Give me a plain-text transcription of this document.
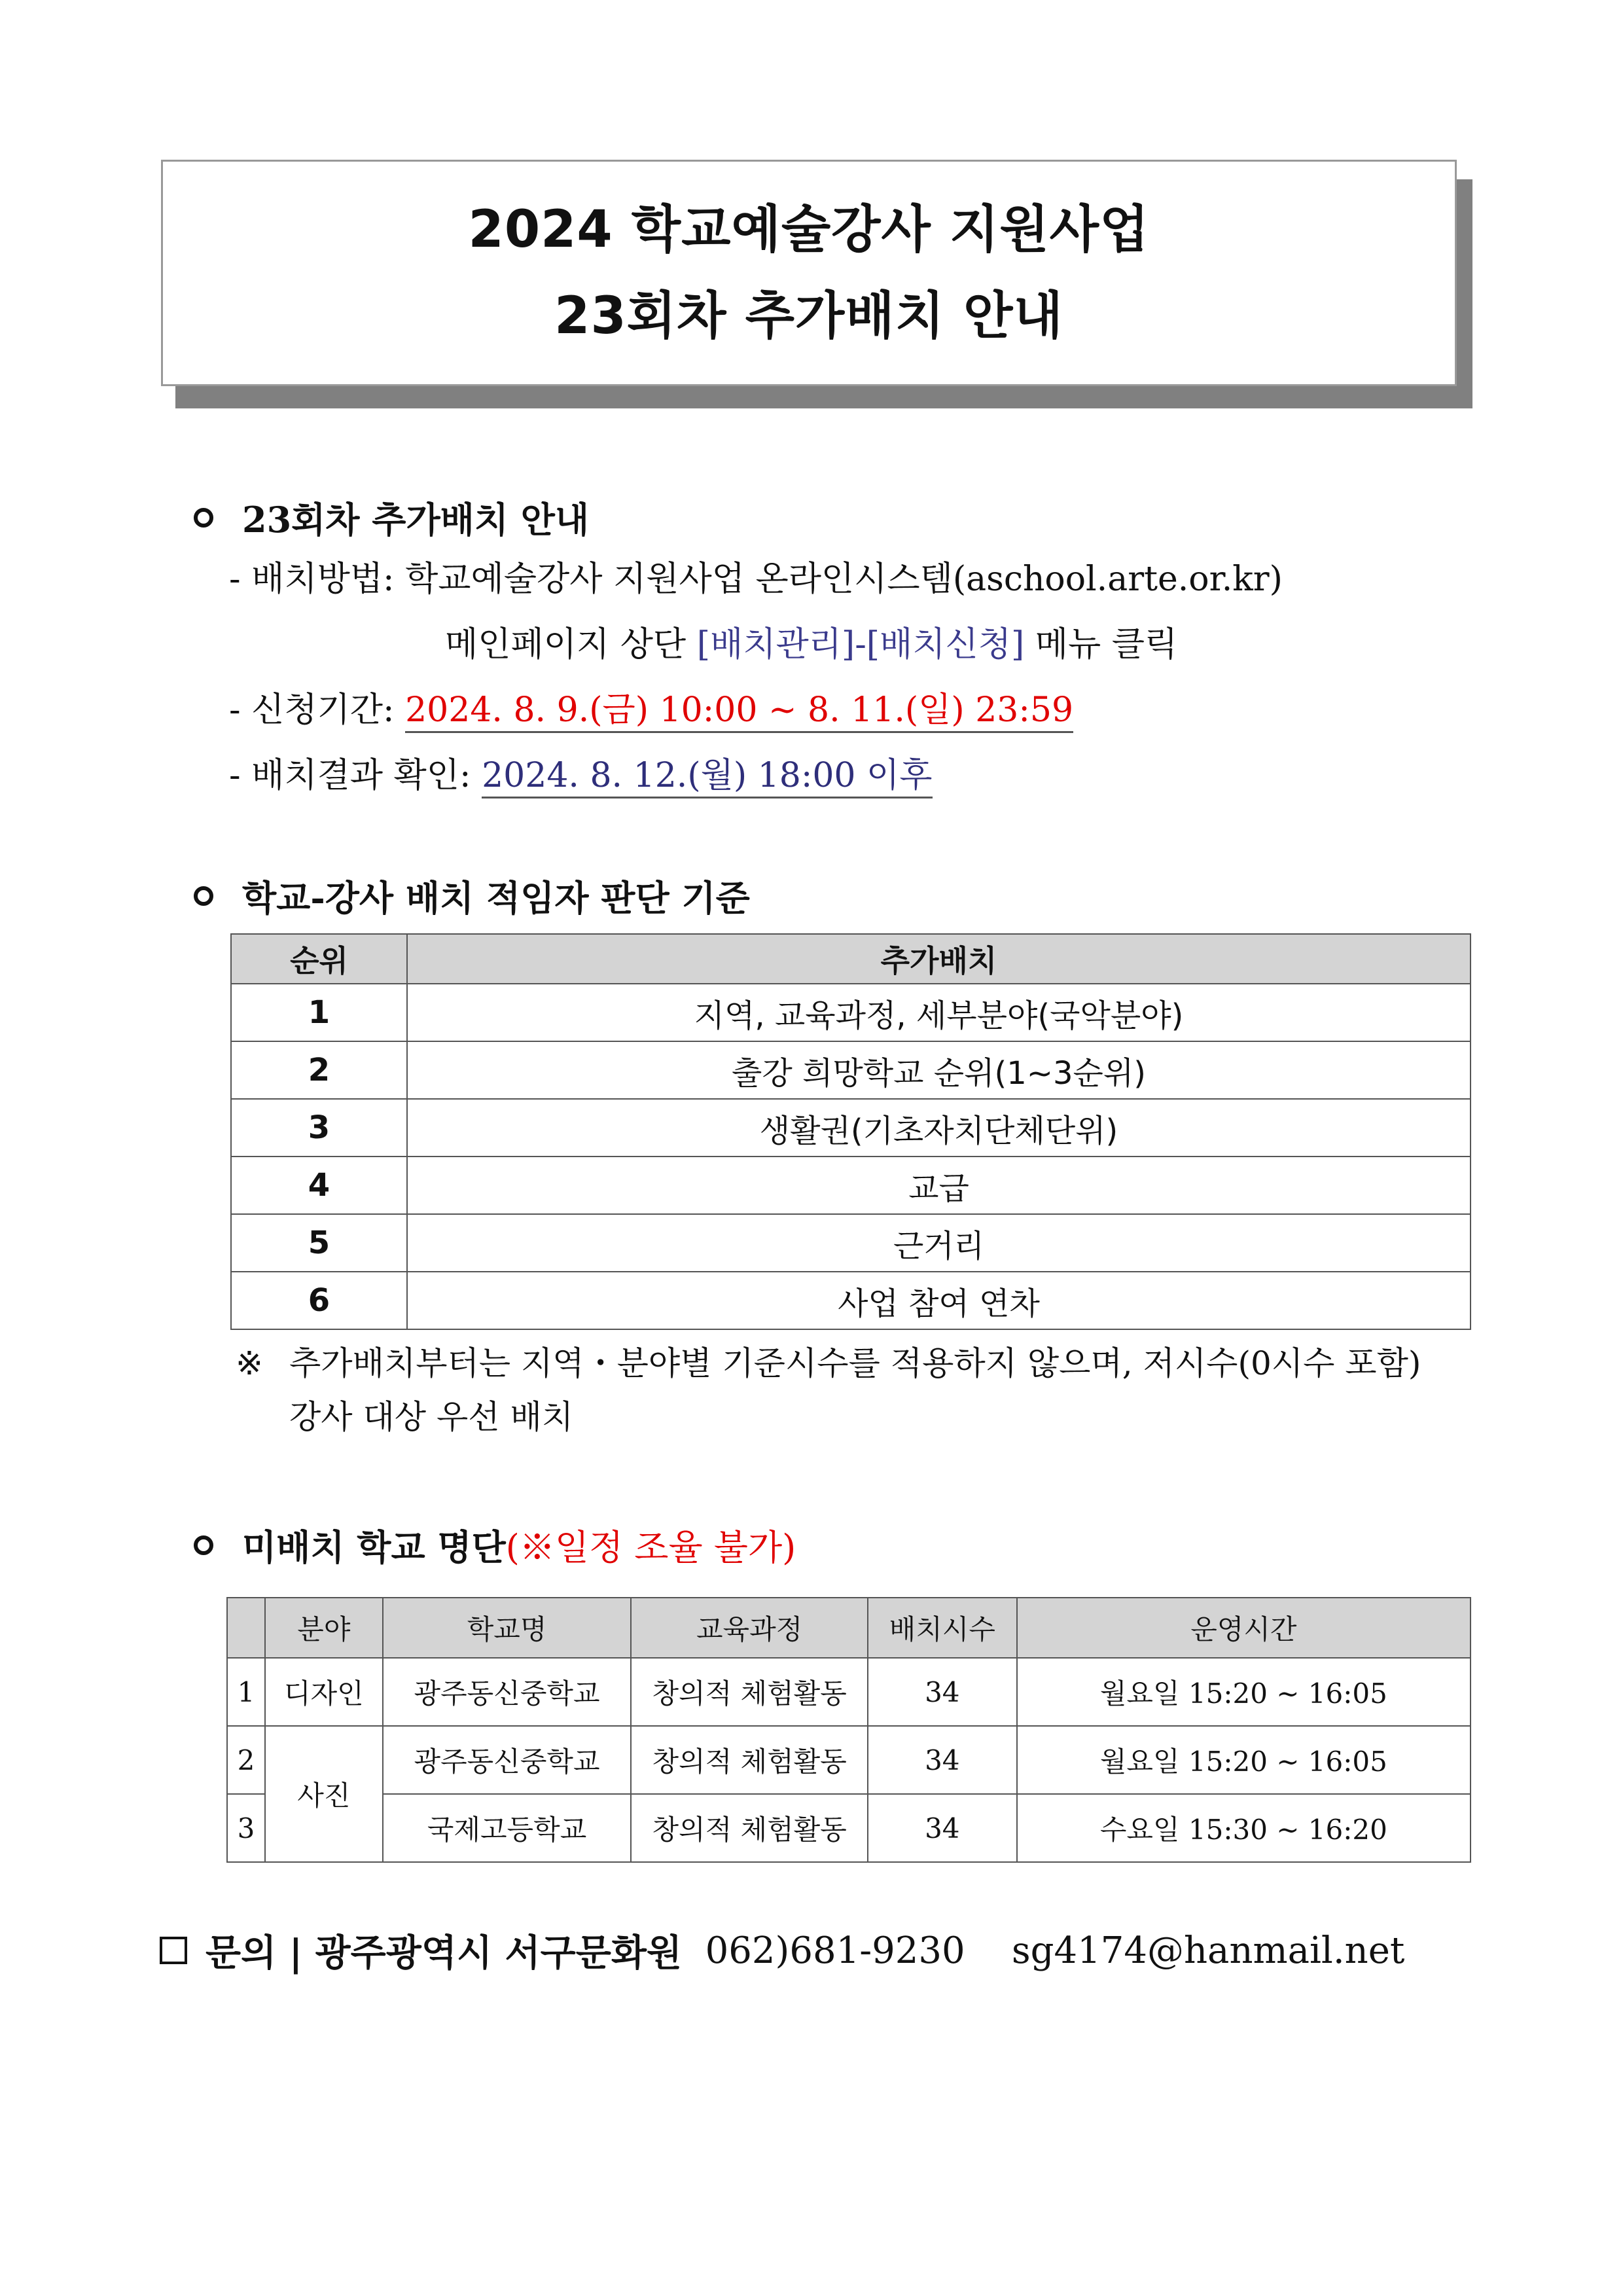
2024 학교예술강사 지원사업
23회차 추가배치 안내
23회차 추가배치 안내
- 배치방법: 학교예술강사 지원사업 온라인시스템(aschool.arte.or.kr)
메인페이지 상단 [배치관리]-[배치신청] 메뉴 클릭
- 신청기간: 2024. 8. 9.(금) 10:00 ~ 8. 11.(일) 23:59
- 배치결과 확인: 2024. 8. 12.(월) 18:00 이후
학교-강사 배치 적임자 판단 기준
순위	추가배치
1	지역, 교육과정, 세부분야(국악분야)
2	출강 희망학교 순위(1~3순위)
3	생활권(기초자치단체단위)
4	교급
5	근거리
6	사업 참여 연차
※ 추가배치부터는 지역・분야별 기준시수를 적용하지 않으며, 저시수(0시수 포함)
강사 대상 우선 배치
미배치 학교 명단 (※일정 조율 불가)
	분야	학교명	교육과정	배치시수	운영시간
1	디자인	광주동신중학교	창의적 체험활동	34	월요일 15:20 ~ 16:05
2	사진	광주동신중학교	창의적 체험활동	34	월요일 15:20 ~ 16:05
3		국제고등학교	창의적 체험활동	34	수요일 15:30 ~ 16:20
문의 | 광주광역시 서구문화원
062)681-9230
sg4174@hanmail.net
